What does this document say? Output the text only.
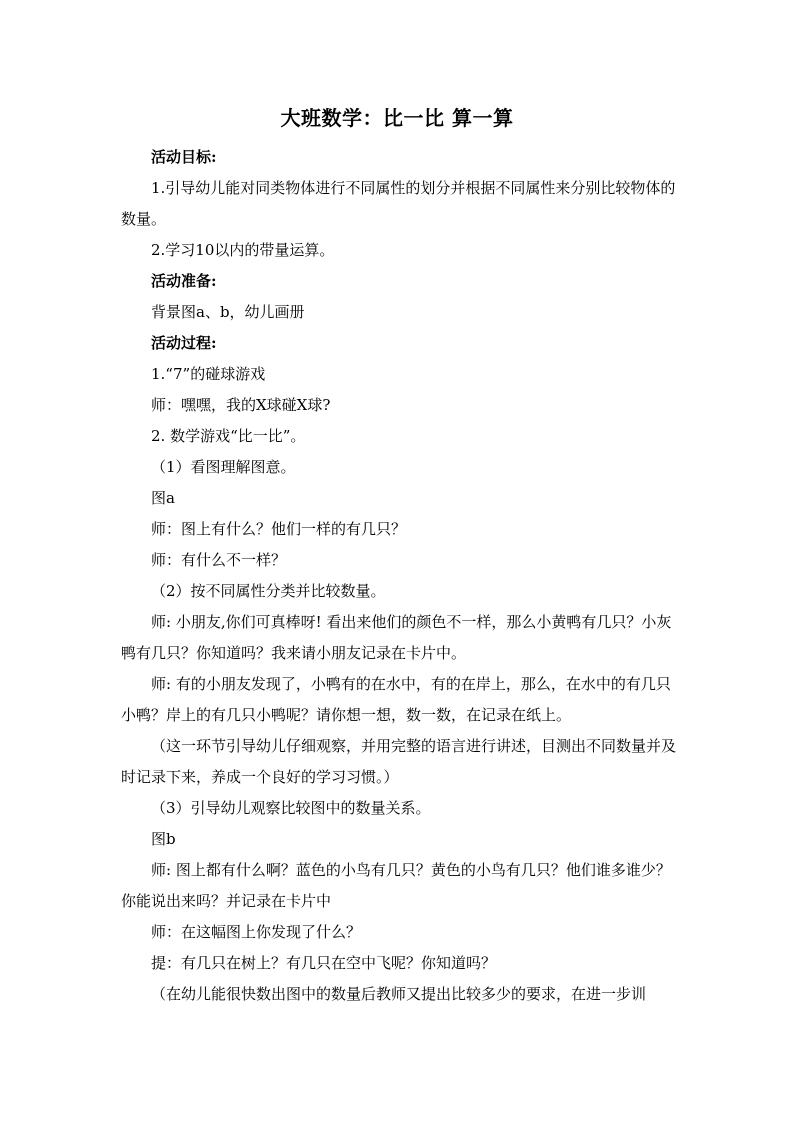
大班数学：比一比 算一算

活动目标:

1.引导幼儿能对同类物体进行不同属性的划分并根据不同属性来分别比较物体的数量。

2.学习10以内的带量运算。

活动准备:

背景图a、b，幼儿画册

活动过程:

1.“7”的碰球游戏

师：嘿嘿，我的X球碰X球?

2. 数学游戏“比一比”。

（1）看图理解图意。

图a

师：图上有什么？他们一样的有几只？

师：有什么不一样？

（2）按不同属性分类并比较数量。

师: 小朋友,你们可真棒呀! 看出来他们的颜色不一样，那么小黄鸭有几只？小灰鸭有几只？你知道吗？我来请小朋友记录在卡片中。

师: 有的小朋友发现了，小鸭有的在水中，有的在岸上，那么，在水中的有几只小鸭？岸上的有几只小鸭呢？请你想一想，数一数，在记录在纸上。

（这一环节引导幼儿仔细观察，并用完整的语言进行讲述，目测出不同数量并及时记录下来，养成一个良好的学习习惯。）

（3）引导幼儿观察比较图中的数量关系。

图b

师: 图上都有什么啊？蓝色的小鸟有几只？黄色的小鸟有几只？他们谁多谁少？你能说出来吗？并记录在卡片中

师：在这幅图上你发现了什么？

提：有几只在树上？有几只在空中飞呢？你知道吗？

（在幼儿能很快数出图中的数量后教师又提出比较多少的要求，在进一步训
